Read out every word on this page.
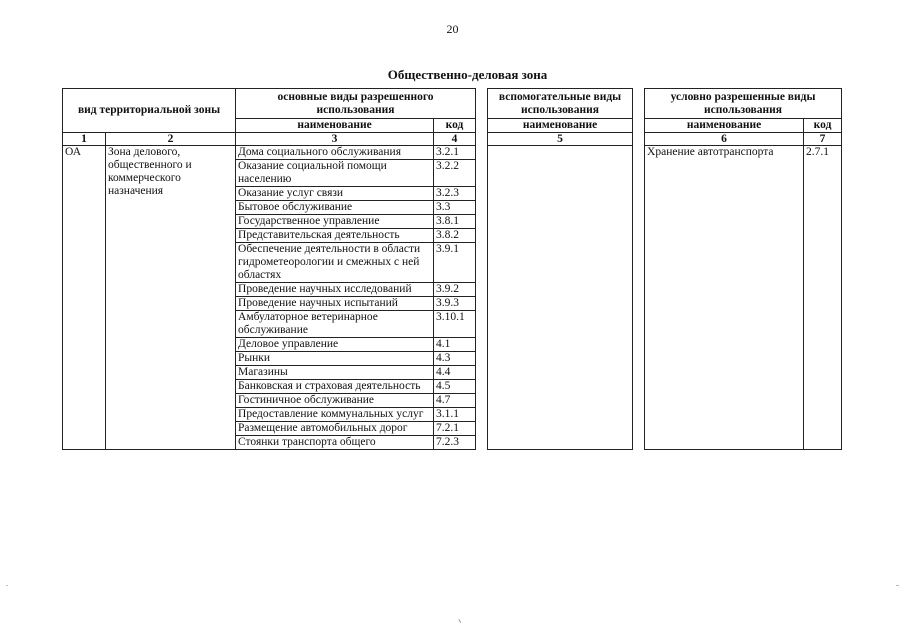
20
Общественно-деловая зона
вид территориальной зоны		основные виды разрешенного использования			вспомогательные виды использования		условно разрешенные виды использования	
		наименование	код		наименование		наименование	код
1	2	3	4		5		6	7
ОА	Зона делового, общественного и коммерческого назначения	Дома социального обслуживания	3.2.1				Хранение автотранспорта	2.7.1
		Оказание социальной помощи населению	3.2.2					
		Оказание услуг связи	3.2.3					
		Бытовое обслуживание	3.3					
		Государственное управление	3.8.1					
		Представительская деятельность	3.8.2					
		Обеспечение деятельности в области гидрометеорологии и смежных с ней областях	3.9.1					
		Проведение научных исследований	3.9.2					
		Проведение научных испытаний	3.9.3					
		Амбулаторное ветеринарное обслуживание	3.10.1					
		Деловое управление	4.1					
		Рынки	4.3					
		Магазины	4.4					
		Банковская и страховая деятельность	4.5					
		Гостиничное обслуживание	4.7					
		Предоставление коммунальных услуг	3.1.1					
		Размещение автомобильных дорог	7.2.1					
		Стоянки транспорта общего	7.2.3					
